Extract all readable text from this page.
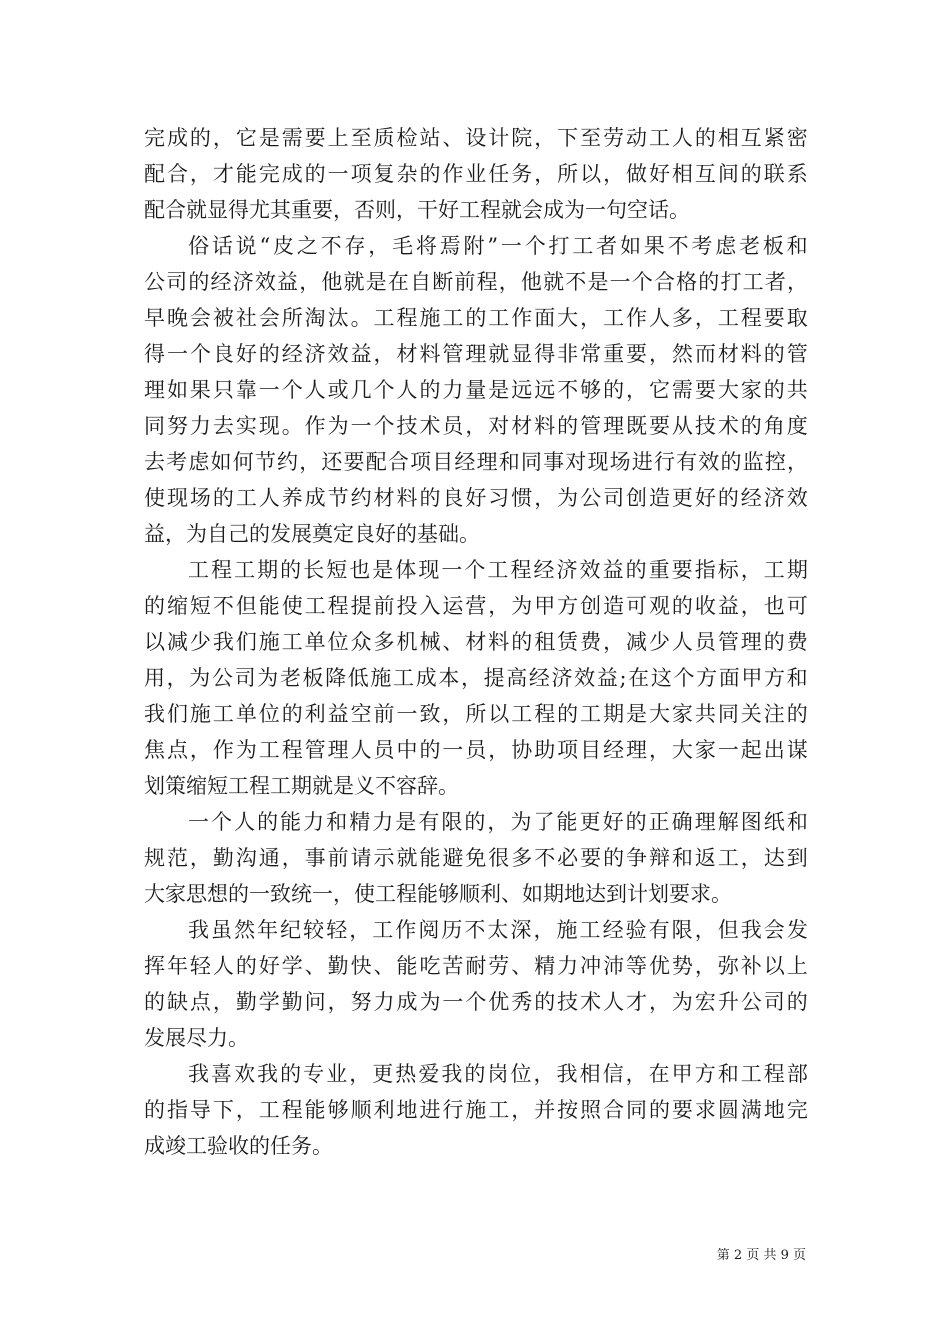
完 成 的 ， 它 是 需 要 上 至 质 检 站 、 设 计 院 ， 下 至 劳 动 工 人 的 相 互 紧 密
配 合 ， 才 能 完 成 的 一 项 复 杂 的 作 业 任 务 ， 所 以 ， 做 好 相 互 间 的 联 系
配合就显得尤其重要，否则，干好工程就会成为一句空话。
俗 话 说 “ 皮 之 不 存 ， 毛 将 焉 附 ” 一 个 打 工 者 如 果 不 考 虑 老 板 和
公 司 的 经 济 效 益 ， 他 就 是 在 自 断 前 程 ， 他 就 不 是 一 个 合 格 的 打 工 者 ，
早 晚 会 被 社 会 所 淘 汰 。 工 程 施 工 的 工 作 面 大 ， 工 作 人 多 ， 工 程 要 取
得 一 个 良 好 的 经 济 效 益 ， 材 料 管 理 就 显 得 非 常 重 要 ， 然 而 材 料 的 管
理 如 果 只 靠 一 个 人 或 几 个 人 的 力 量 是 远 远 不 够 的 ， 它 需 要 大 家 的 共
同 努 力 去 实 现 。 作 为 一 个 技 术 员 ， 对 材 料 的 管 理 既 要 从 技 术 的 角 度
去 考 虑 如 何 节 约 ， 还 要 配 合 项 目 经 理 和 同 事 对 现 场 进 行 有 效 的 监 控 ，
使 现 场 的 工 人 养 成 节 约 材 料 的 良 好 习 惯 ， 为 公 司 创 造 更 好 的 经 济 效
益，为自己的发展奠定良好的基础。
工 程 工 期 的 长 短 也 是 体 现 一 个 工 程 经 济 效 益 的 重 要 指 标 ， 工 期
的 缩 短 不 但 能 使 工 程 提 前 投 入 运 营 ， 为 甲 方 创 造 可 观 的 收 益 ， 也 可
以 减 少 我 们 施 工 单 位 众 多 机 械 、 材 料 的 租 赁 费 ， 减 少 人 员 管 理 的 费
用 ， 为 公 司 为 老 板 降 低 施 工 成 本 ， 提 高 经 济 效 益 ; 在 这 个 方 面 甲 方 和
我 们 施 工 单 位 的 利 益 空 前 一 致 ， 所 以 工 程 的 工 期 是 大 家 共 同 关 注 的
焦 点 ， 作 为 工 程 管 理 人 员 中 的 一 员 ， 协 助 项 目 经 理 ， 大 家 一 起 出 谋
划策缩短工程工期就是义不容辞。
一 个 人 的 能 力 和 精 力 是 有 限 的 ， 为 了 能 更 好 的 正 确 理 解 图 纸 和
规 范 ， 勤 沟 通 ， 事 前 请 示 就 能 避 免 很 多 不 必 要 的 争 辩 和 返 工 ， 达 到
大家思想的一致统一，使工程能够顺利、如期地达到计划要求。
我 虽 然 年 纪 较 轻 ， 工 作 阅 历 不 太 深 ， 施 工 经 验 有 限 ， 但 我 会 发
挥 年 轻 人 的 好 学 、 勤 快 、 能 吃 苦 耐 劳 、 精 力 冲 沛 等 优 势 ， 弥 补 以 上
的 缺 点 ， 勤 学 勤 问 ， 努 力 成 为 一 个 优 秀 的 技 术 人 才 ， 为 宏 升 公 司 的
发展尽力。
我 喜 欢 我 的 专 业 ， 更 热 爱 我 的 岗 位 ， 我 相 信 ， 在 甲 方 和 工 程 部
的 指 导 下 ， 工 程 能 够 顺 利 地 进 行 施 工 ， 并 按 照 合 同 的 要 求 圆 满 地 完
成竣工验收的任务。
第 2 页 共 9 页
